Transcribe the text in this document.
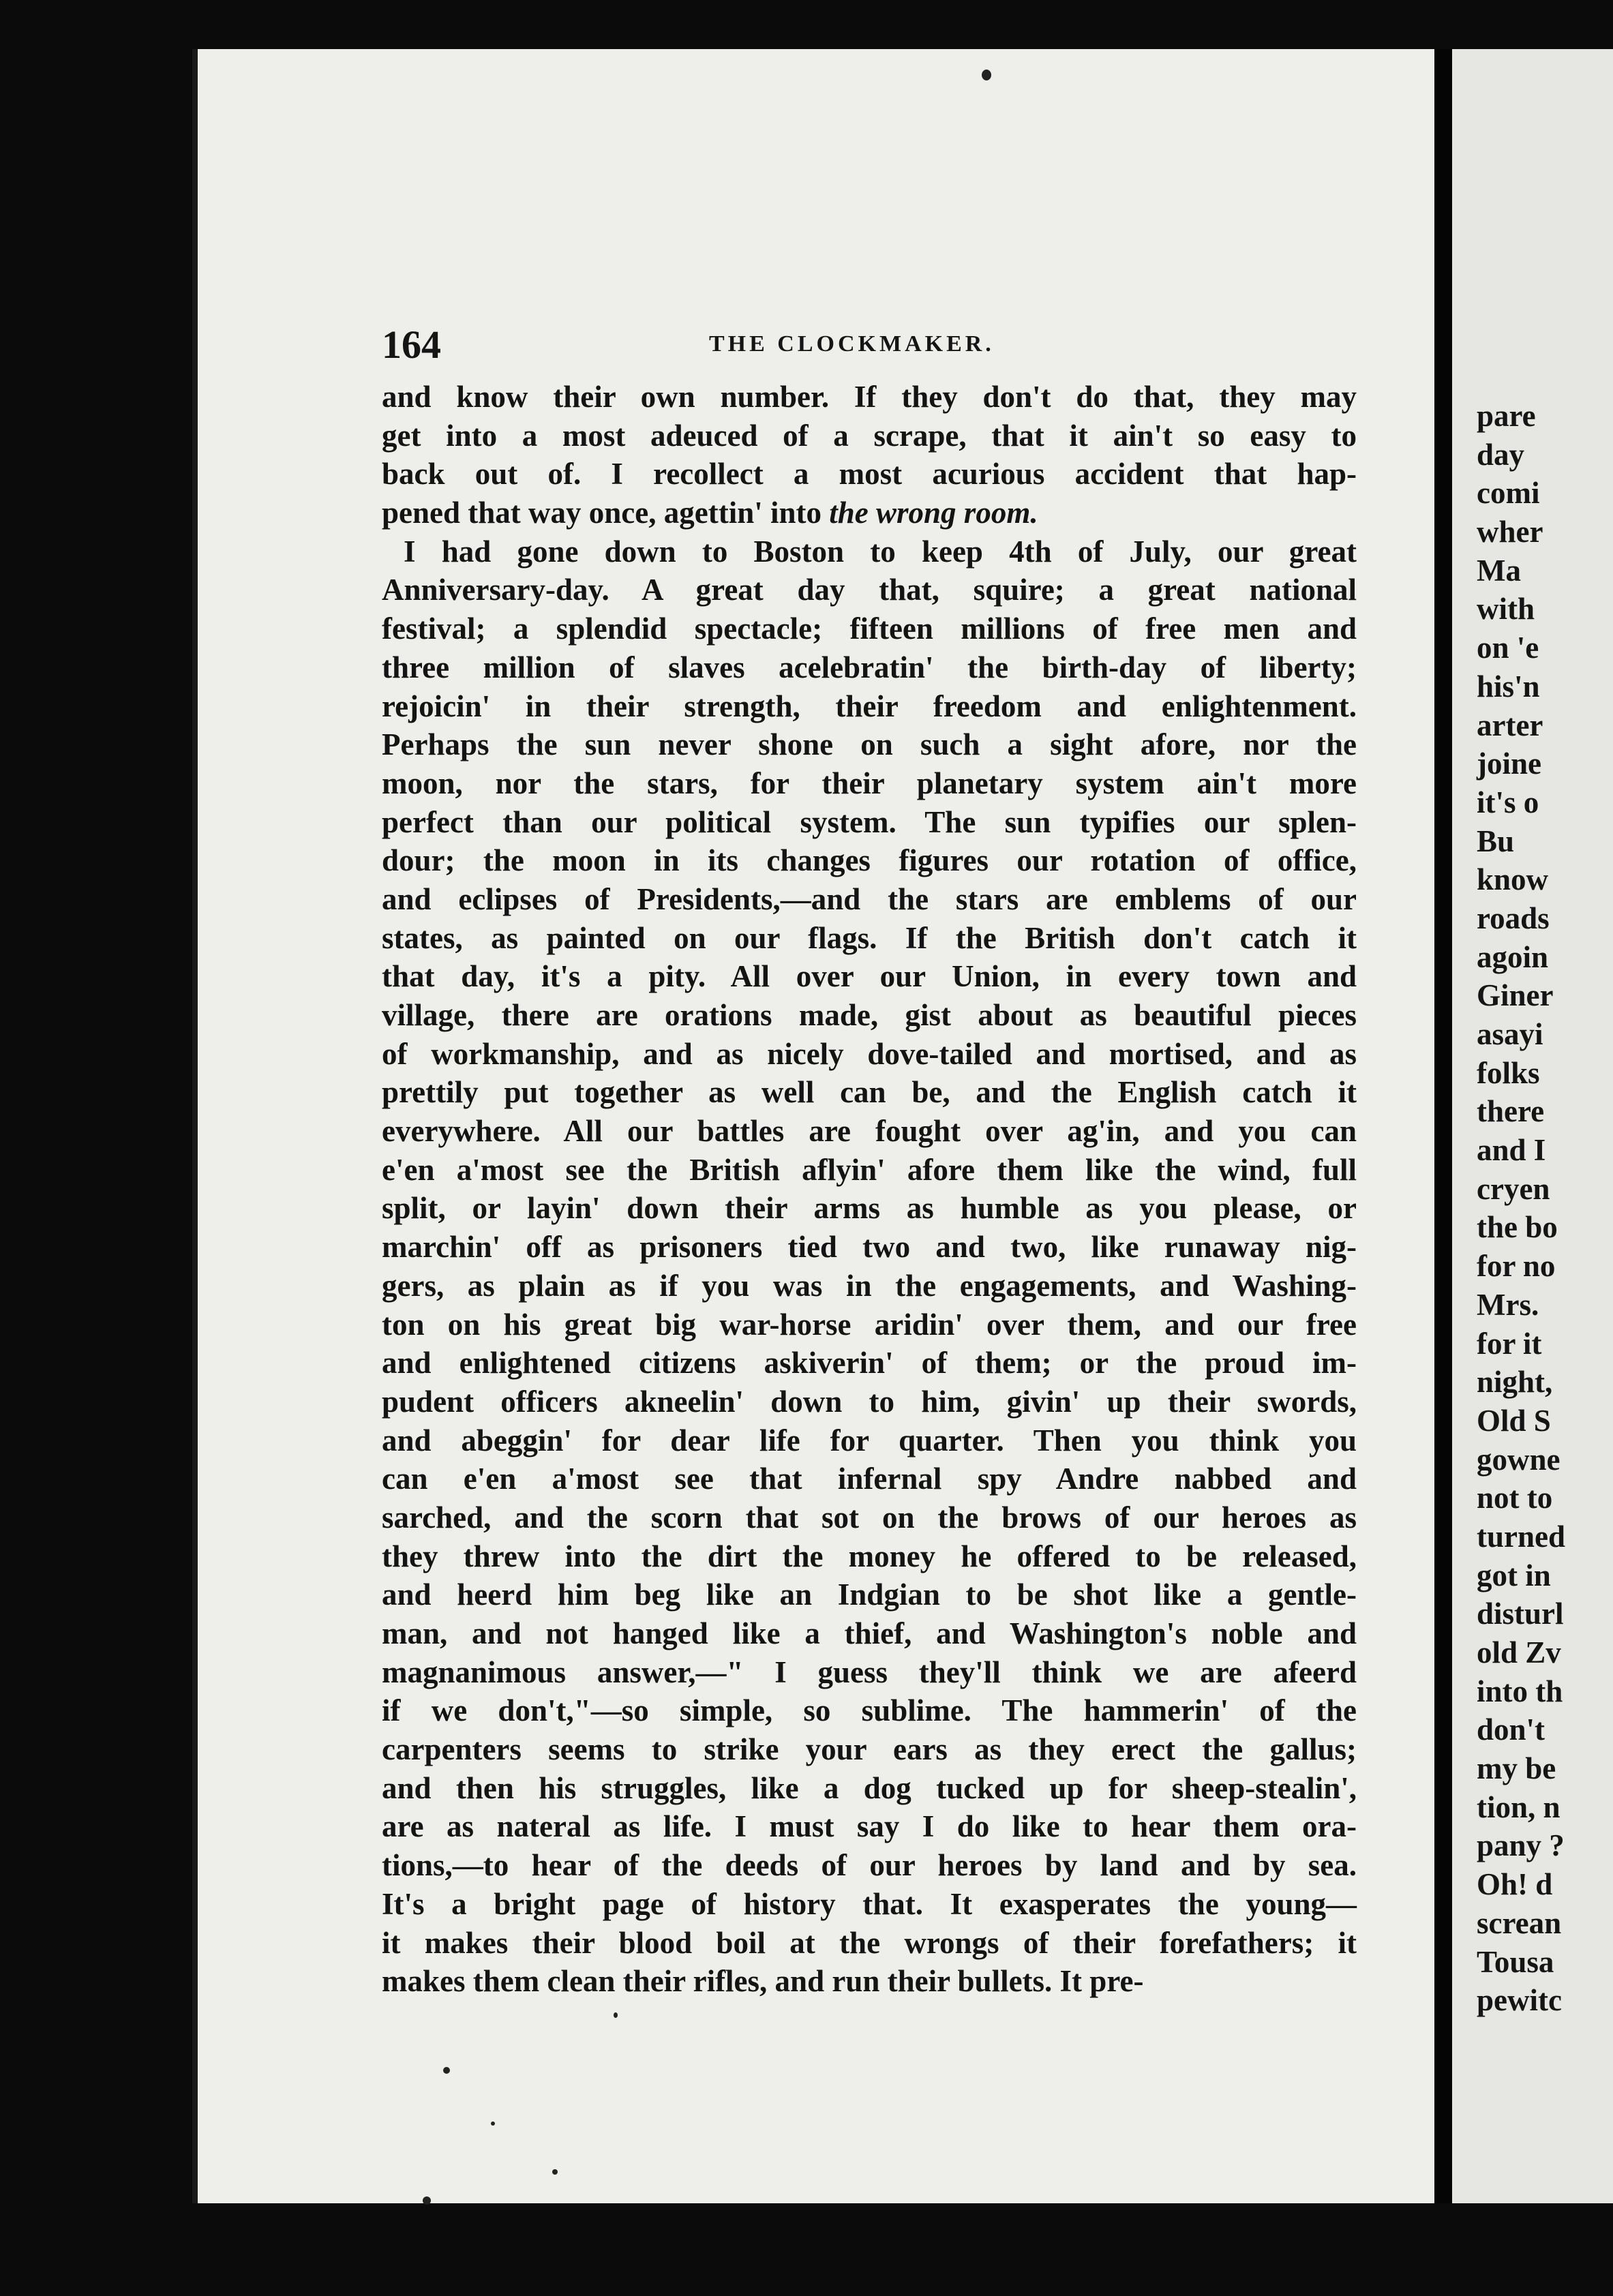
164	THE CLOCKMAKER.
and know their own number. If they don't do that, they may
get into a most adeuced of a scrape, that it ain't so easy to
back out of. I recollect a most acurious accident that hap-
pened that way once, agettin' into the wrong room.
I had gone down to Boston to keep 4th of July, our great
Anniversary-day. A great day that, squire; a great national
festival; a splendid spectacle; fifteen millions of free men and
three million of slaves acelebratin' the birth-day of liberty;
rejoicin' in their strength, their freedom and enlightenment.
Perhaps the sun never shone on such a sight afore, nor the
moon, nor the stars, for their planetary system ain't more
perfect than our political system. The sun typifies our splen-
dour; the moon in its changes figures our rotation of office,
and eclipses of Presidents,—and the stars are emblems of our
states, as painted on our flags. If the British don't catch it
that day, it's a pity. All over our Union, in every town and
village, there are orations made, gist about as beautiful pieces
of workmanship, and as nicely dove-tailed and mortised, and as
prettily put together as well can be, and the English catch it
everywhere. All our battles are fought over ag'in, and you can
e'en a'most see the British aflyin' afore them like the wind, full
split, or layin' down their arms as humble as you please, or
marchin' off as prisoners tied two and two, like runaway nig-
gers, as plain as if you was in the engagements, and Washing-
ton on his great big war-horse aridin' over them, and our free
and enlightened citizens askiverin' of them; or the proud im-
pudent officers akneelin' down to him, givin' up their swords,
and abeggin' for dear life for quarter. Then you think you
can e'en a'most see that infernal spy Andre nabbed and
sarched, and the scorn that sot on the brows of our heroes as
they threw into the dirt the money he offered to be released,
and heerd him beg like an Indgian to be shot like a gentle-
man, and not hanged like a thief, and Washington's noble and
magnanimous answer,—" I guess they'll think we are afeerd
if we don't,"—so simple, so sublime. The hammerin' of the
carpenters seems to strike your ears as they erect the gallus;
and then his struggles, like a dog tucked up for sheep-stealin',
are as nateral as life. I must say I do like to hear them ora-
tions,—to hear of the deeds of our heroes by land and by sea.
It's a bright page of history that. It exasperates the young—
it makes their blood boil at the wrongs of their forefathers; it
makes them clean their rifles, and run their bullets. It pre-
pare
day
comi
wher
Ma
with
on 'e
his'n
arter
joine
it's o
Bu
know
roads
agoin
Giner
asayi
folks
there
and I
cryen
the bo
for no
Mrs.
for it
night,
Old S
gowne
not to
turned
got in
disturl
old Zv
into th
don't
my be
tion, n
pany ?
Oh! d
screan
Tousa
pewitc
